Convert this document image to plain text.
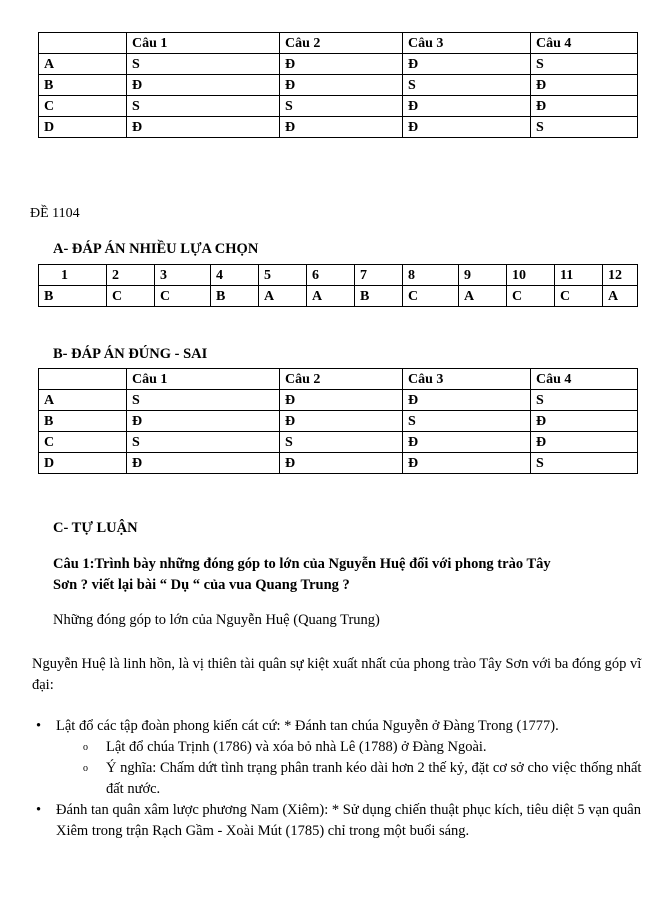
	Câu 1	Câu 2	Câu 3	Câu 4
A	S	Đ	Đ	S
B	Đ	Đ	S	Đ
C	S	S	Đ	Đ
D	Đ	Đ	Đ	S
ĐỀ 1104
A- ĐÁP ÁN NHIỀU LỰA CHỌN
1	2	3	4	5	6	7	8	9	10	11	12
B	C	C	B	A	A	B	C	A	C	C	A
B- ĐÁP ÁN ĐÚNG - SAI
	Câu 1	Câu 2	Câu 3	Câu 4
A	S	Đ	Đ	S
B	Đ	Đ	S	Đ
C	S	S	Đ	Đ
D	Đ	Đ	Đ	S
C- TỰ LUẬN
Câu 1:Trình bày những đóng góp to lớn của Nguyễn Huệ đối với phong trào Tây
Sơn ? viết lại bài “ Dụ “ của vua Quang Trung ?
Những đóng góp to lớn của Nguyễn Huệ (Quang Trung)

Nguyễn Huệ là linh hồn, là vị thiên tài quân sự kiệt xuất nhất của phong trào Tây Sơn với ba đóng góp vĩ đại:

• Lật đổ các tập đoàn phong kiến cát cứ: * Đánh tan chúa Nguyễn ở Đàng Trong (1777).
o Lật đổ chúa Trịnh (1786) và xóa bỏ nhà Lê (1788) ở Đàng Ngoài.
o Ý nghĩa: Chấm dứt tình trạng phân tranh kéo dài hơn 2 thế kỷ, đặt cơ sở cho việc thống nhất đất nước.
• Đánh tan quân xâm lược phương Nam (Xiêm): * Sử dụng chiến thuật phục kích, tiêu diệt 5 vạn quân Xiêm trong trận Rạch Gầm - Xoài Mút (1785) chỉ trong một buổi sáng.
